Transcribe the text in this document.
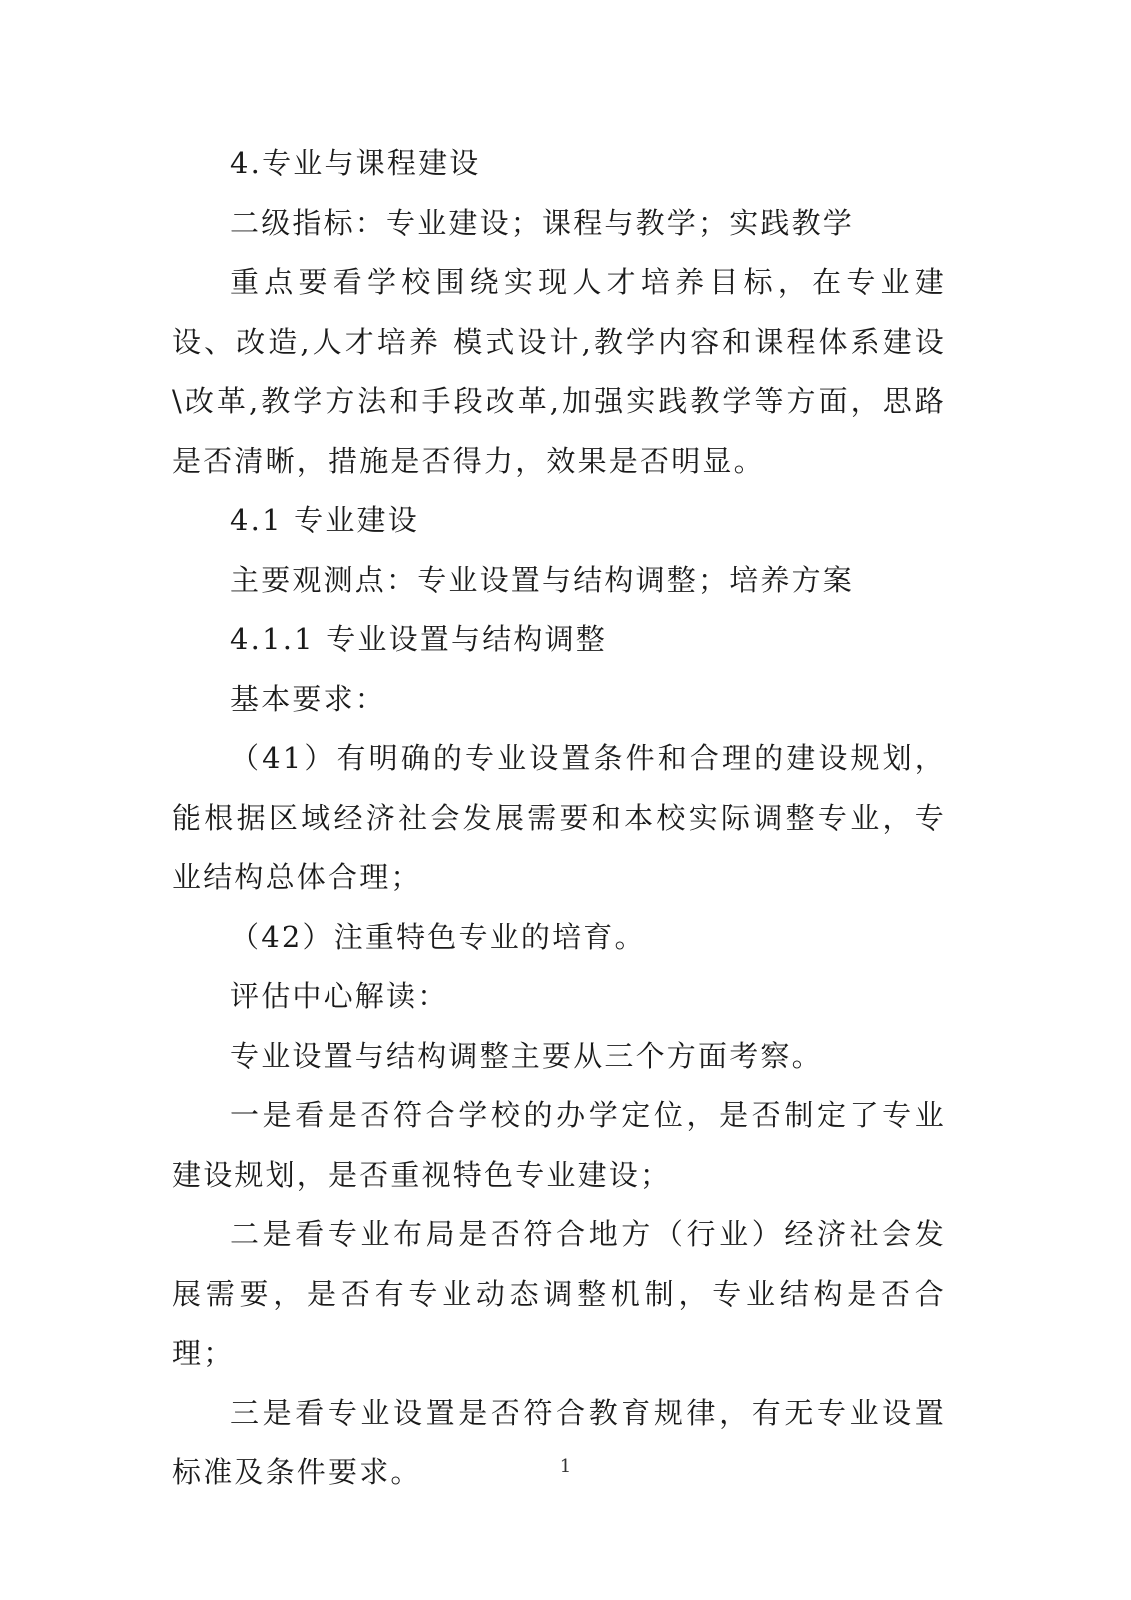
4.专业与课程建设

二级指标：专业建设；课程与教学；实践教学

重点要看学校围绕实现人才培养目标，在专业建设、改造,人才培养 模式设计,教学内容和课程体系建设\改革,教学方法和手段改革,加强实践教学等方面，思路是否清晰，措施是否得力，效果是否明显。

4.1 专业建设

主要观测点：专业设置与结构调整；培养方案

4.1.1 专业设置与结构调整

基本要求：

（41）有明确的专业设置条件和合理的建设规划，能根据区域经济社会发展需要和本校实际调整专业，专业结构总体合理；

（42）注重特色专业的培育。

评估中心解读：

专业设置与结构调整主要从三个方面考察。

一是看是否符合学校的办学定位，是否制定了专业建设规划，是否重视特色专业建设；

二是看专业布局是否符合地方（行业）经济社会发展需要，是否有专业动态调整机制，专业结构是否合理；

三是看专业设置是否符合教育规律，有无专业设置标准及条件要求。	1
